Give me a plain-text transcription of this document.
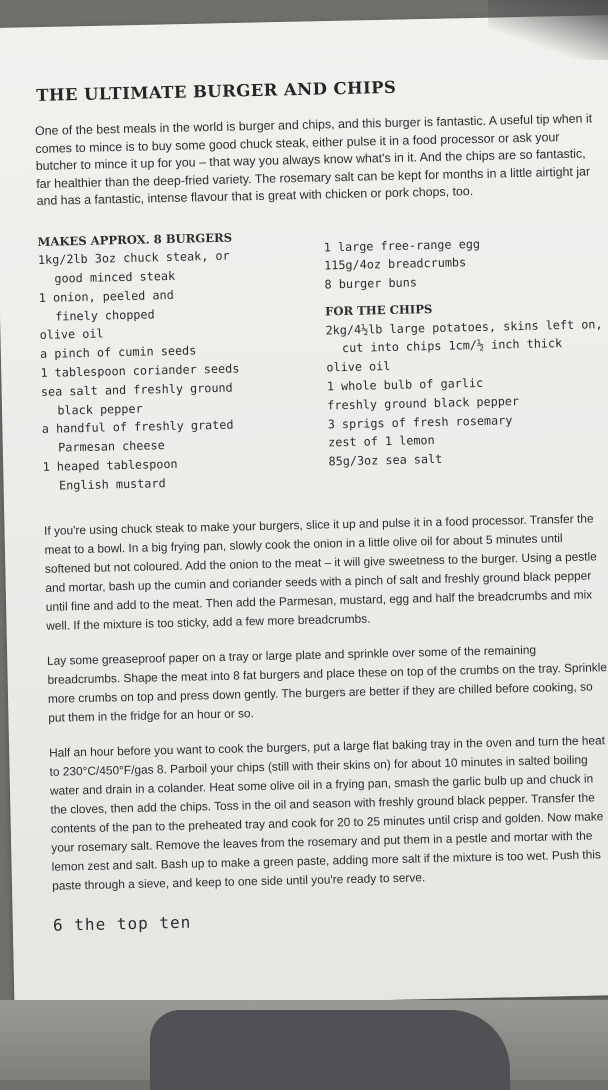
THE ULTIMATE BURGER AND CHIPS

One of the best meals in the world is burger and chips, and this burger is fantastic. A useful tip when it comes to mince is to buy some good chuck steak, either pulse it in a food processor or ask your butcher to mince it up for you – that way you always know what's in it. And the chips are so fantastic, far healthier than the deep-fried variety. The rosemary salt can be kept for months in a little airtight jar and has a fantastic, intense flavour that is great with chicken or pork chops, too.

MAKES APPROX. 8 BURGERS
1kg/2lb 3oz chuck steak, or
good minced steak
1 onion, peeled and
finely chopped
olive oil
a pinch of cumin seeds
1 tablespoon coriander seeds
sea salt and freshly ground
black pepper
a handful of freshly grated
Parmesan cheese
1 heaped tablespoon
English mustard
1 large free-range egg
115g/4oz breadcrumbs
8 burger buns
FOR THE CHIPS
2kg/4½lb large potatoes, skins left on,
cut into chips 1cm/½ inch thick
olive oil
1 whole bulb of garlic
freshly ground black pepper
3 sprigs of fresh rosemary
zest of 1 lemon
85g/3oz sea salt

If you're using chuck steak to make your burgers, slice it up and pulse it in a food processor. Transfer the meat to a bowl. In a big frying pan, slowly cook the onion in a little olive oil for about 5 minutes until softened but not coloured. Add the onion to the meat – it will give sweetness to the burger. Using a pestle and mortar, bash up the cumin and coriander seeds with a pinch of salt and freshly ground black pepper until fine and add to the meat. Then add the Parmesan, mustard, egg and half the breadcrumbs and mix well. If the mixture is too sticky, add a few more breadcrumbs.

Lay some greaseproof paper on a tray or large plate and sprinkle over some of the remaining breadcrumbs. Shape the meat into 8 fat burgers and place these on top of the crumbs on the tray. Sprinkle more crumbs on top and press down gently. The burgers are better if they are chilled before cooking, so put them in the fridge for an hour or so.

Half an hour before you want to cook the burgers, put a large flat baking tray in the oven and turn the heat to 230°C/450°F/gas 8. Parboil your chips (still with their skins on) for about 10 minutes in salted boiling water and drain in a colander. Heat some olive oil in a frying pan, smash the garlic bulb up and chuck in the cloves, then add the chips. Toss in the oil and season with freshly ground black pepper. Transfer the contents of the pan to the preheated tray and cook for 20 to 25 minutes until crisp and golden. Now make your rosemary salt. Remove the leaves from the rosemary and put them in a pestle and mortar with the lemon zest and salt. Bash up to make a green paste, adding more salt if the mixture is too wet. Push this paste through a sieve, and keep to one side until you're ready to serve.

6 the top ten
